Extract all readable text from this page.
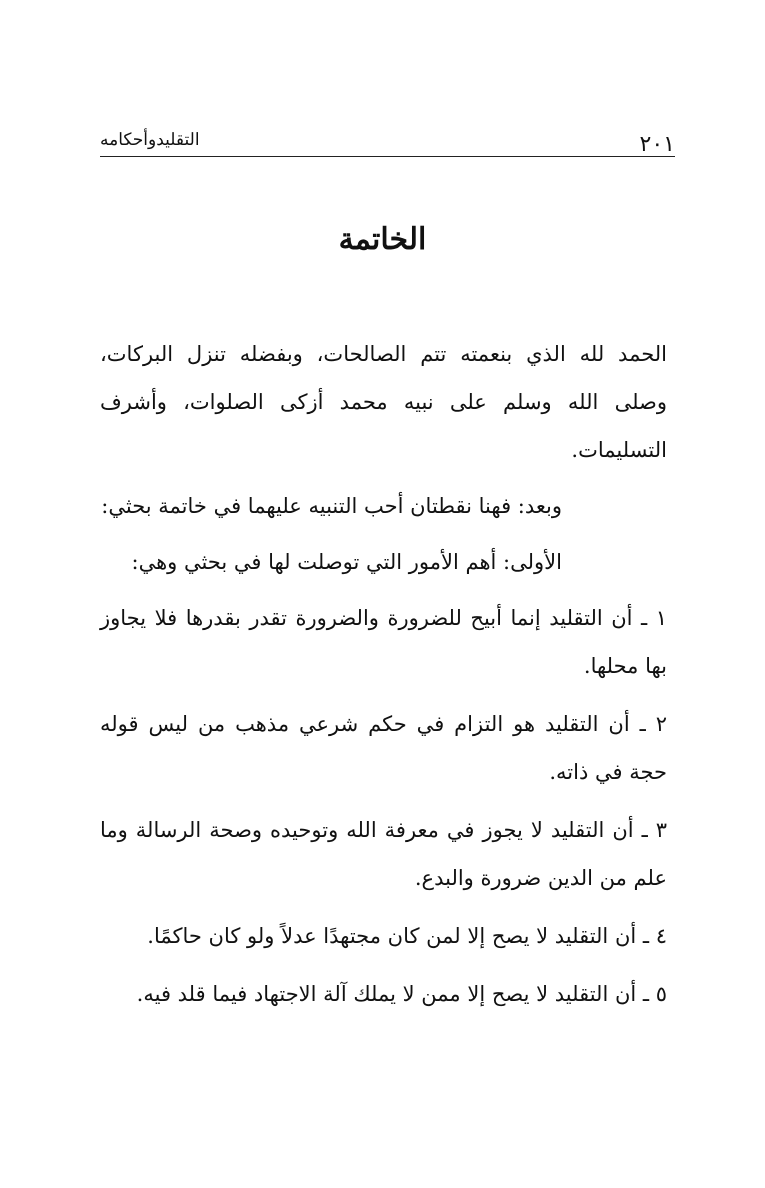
٢٠١
التقليدوأحكامه
الخاتمة

الحمد لله الذي بنعمته تتم الصالحات، وبفضله تنزل البركات، وصلى الله وسلم على نبيه محمد أزكى الصلوات، وأشرف التسليمات.

وبعد: فهنا نقطتان أحب التنبيه عليهما في خاتمة بحثي:

الأولى: أهم الأمور التي توصلت لها في بحثي وهي:

١ ـ أن التقليد إنما أبيح للضرورة والضرورة تقدر بقدرها فلا يجاوز بها محلها.

٢ ـ أن التقليد هو التزام في حكم شرعي مذهب من ليس قوله حجة في ذاته.

٣ ـ أن التقليد لا يجوز في معرفة الله وتوحيده وصحة الرسالة وما علم من الدين ضرورة والبدع.

٤ ـ أن التقليد لا يصح إلا لمن كان مجتهدًا عدلاً ولو كان حاكمًا.

٥ ـ أن التقليد لا يصح إلا ممن لا يملك آلة الاجتهاد فيما قلد فيه.
